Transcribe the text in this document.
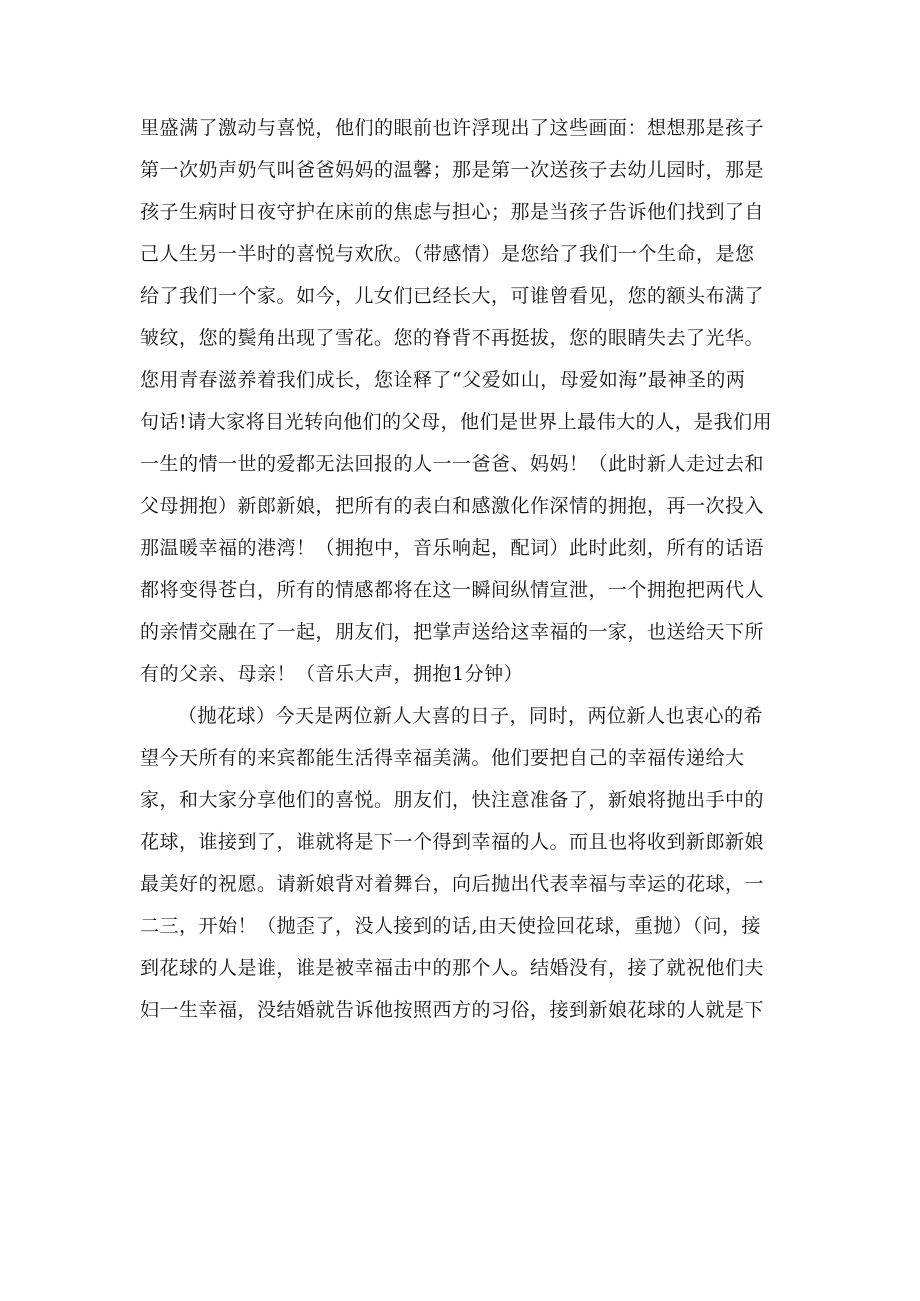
里盛满了激动与喜悦，他们的眼前也许浮现出了这些画面：想想那是孩子
第一次奶声奶气叫爸爸妈妈的温馨；那是第一次送孩子去幼儿园时，那是
孩子生病时日夜守护在床前的焦虑与担心；那是当孩子告诉他们找到了自
己人生另一半时的喜悦与欢欣。（带感情）是您给了我们一个生命，是您
给了我们一个家。如今，儿女们已经长大，可谁曾看见，您的额头布满了
皱纹，您的鬓角出现了雪花。您的脊背不再挺拔，您的眼睛失去了光华。
您用青春滋养着我们成长，您诠释了“父爱如山，母爱如海”最神圣的两
句话!请大家将目光转向他们的父母，他们是世界上最伟大的人，是我们用
一生的情一世的爱都无法回报的人一一爸爸、妈妈！（此时新人走过去和
父母拥抱）新郎新娘，把所有的表白和感激化作深情的拥抱，再一次投入
那温暖幸福的港湾！（拥抱中，音乐响起，配词）此时此刻，所有的话语
都将变得苍白，所有的情感都将在这一瞬间纵情宣泄，一个拥抱把两代人
的亲情交融在了一起，朋友们，把掌声送给这幸福的一家，也送给天下所
有的父亲、母亲！（音乐大声，拥抱1分钟）
（抛花球）今天是两位新人大喜的日子，同时，两位新人也衷心的希
望今天所有的来宾都能生活得幸福美满。他们要把自己的幸福传递给大
家，和大家分享他们的喜悦。朋友们，快注意准备了，新娘将抛出手中的
花球，谁接到了，谁就将是下一个得到幸福的人。而且也将收到新郎新娘
最美好的祝愿。请新娘背对着舞台，向后抛出代表幸福与幸运的花球，一
二三，开始！（抛歪了，没人接到的话,由天使捡回花球，重抛）（问，接
到花球的人是谁，谁是被幸福击中的那个人。结婚没有，接了就祝他们夫
妇一生幸福，没结婚就告诉他按照西方的习俗，接到新娘花球的人就是下
